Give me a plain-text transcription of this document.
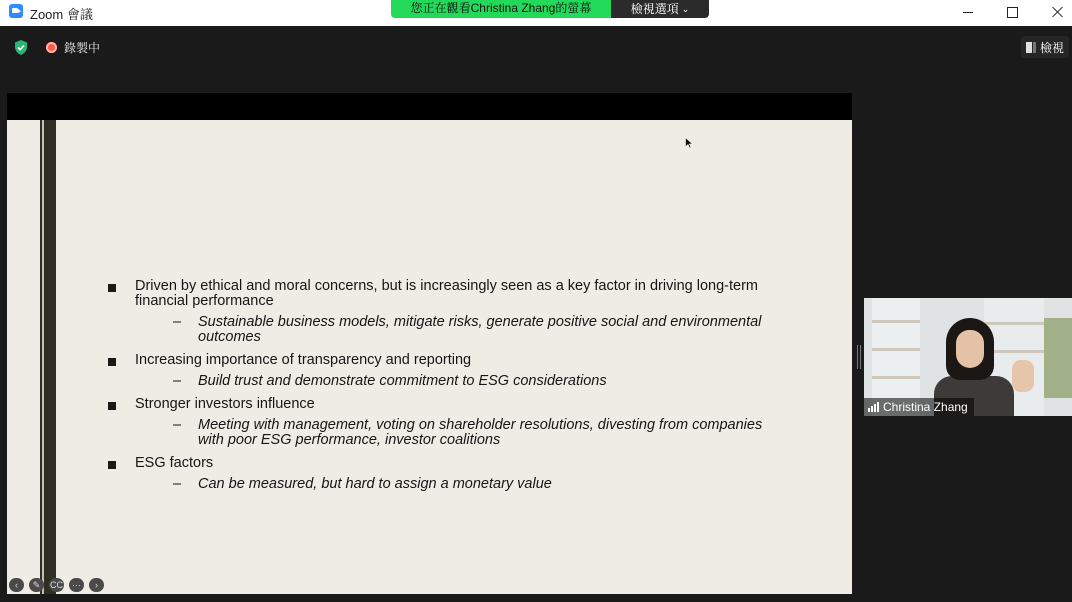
Zoom 會議	您正在觀看Christina Zhang的螢幕	檢視選項 ⌄
錄製中	檢視
Driven by ethical and moral concerns, but is increasingly seen as a key factor in driving long-term financial performance
– Sustainable business models, mitigate risks, generate positive social and environmental outcomes
Increasing importance of transparency and reporting
– Build trust and demonstrate commitment to ESG considerations
Stronger investors influence
– Meeting with management, voting on shareholder resolutions, divesting from companies with poor ESG performance, investor coalitions
ESG factors
– Can be measured, but hard to assign a monetary value
‹	✎	CC	···	›
Christina Zhang
